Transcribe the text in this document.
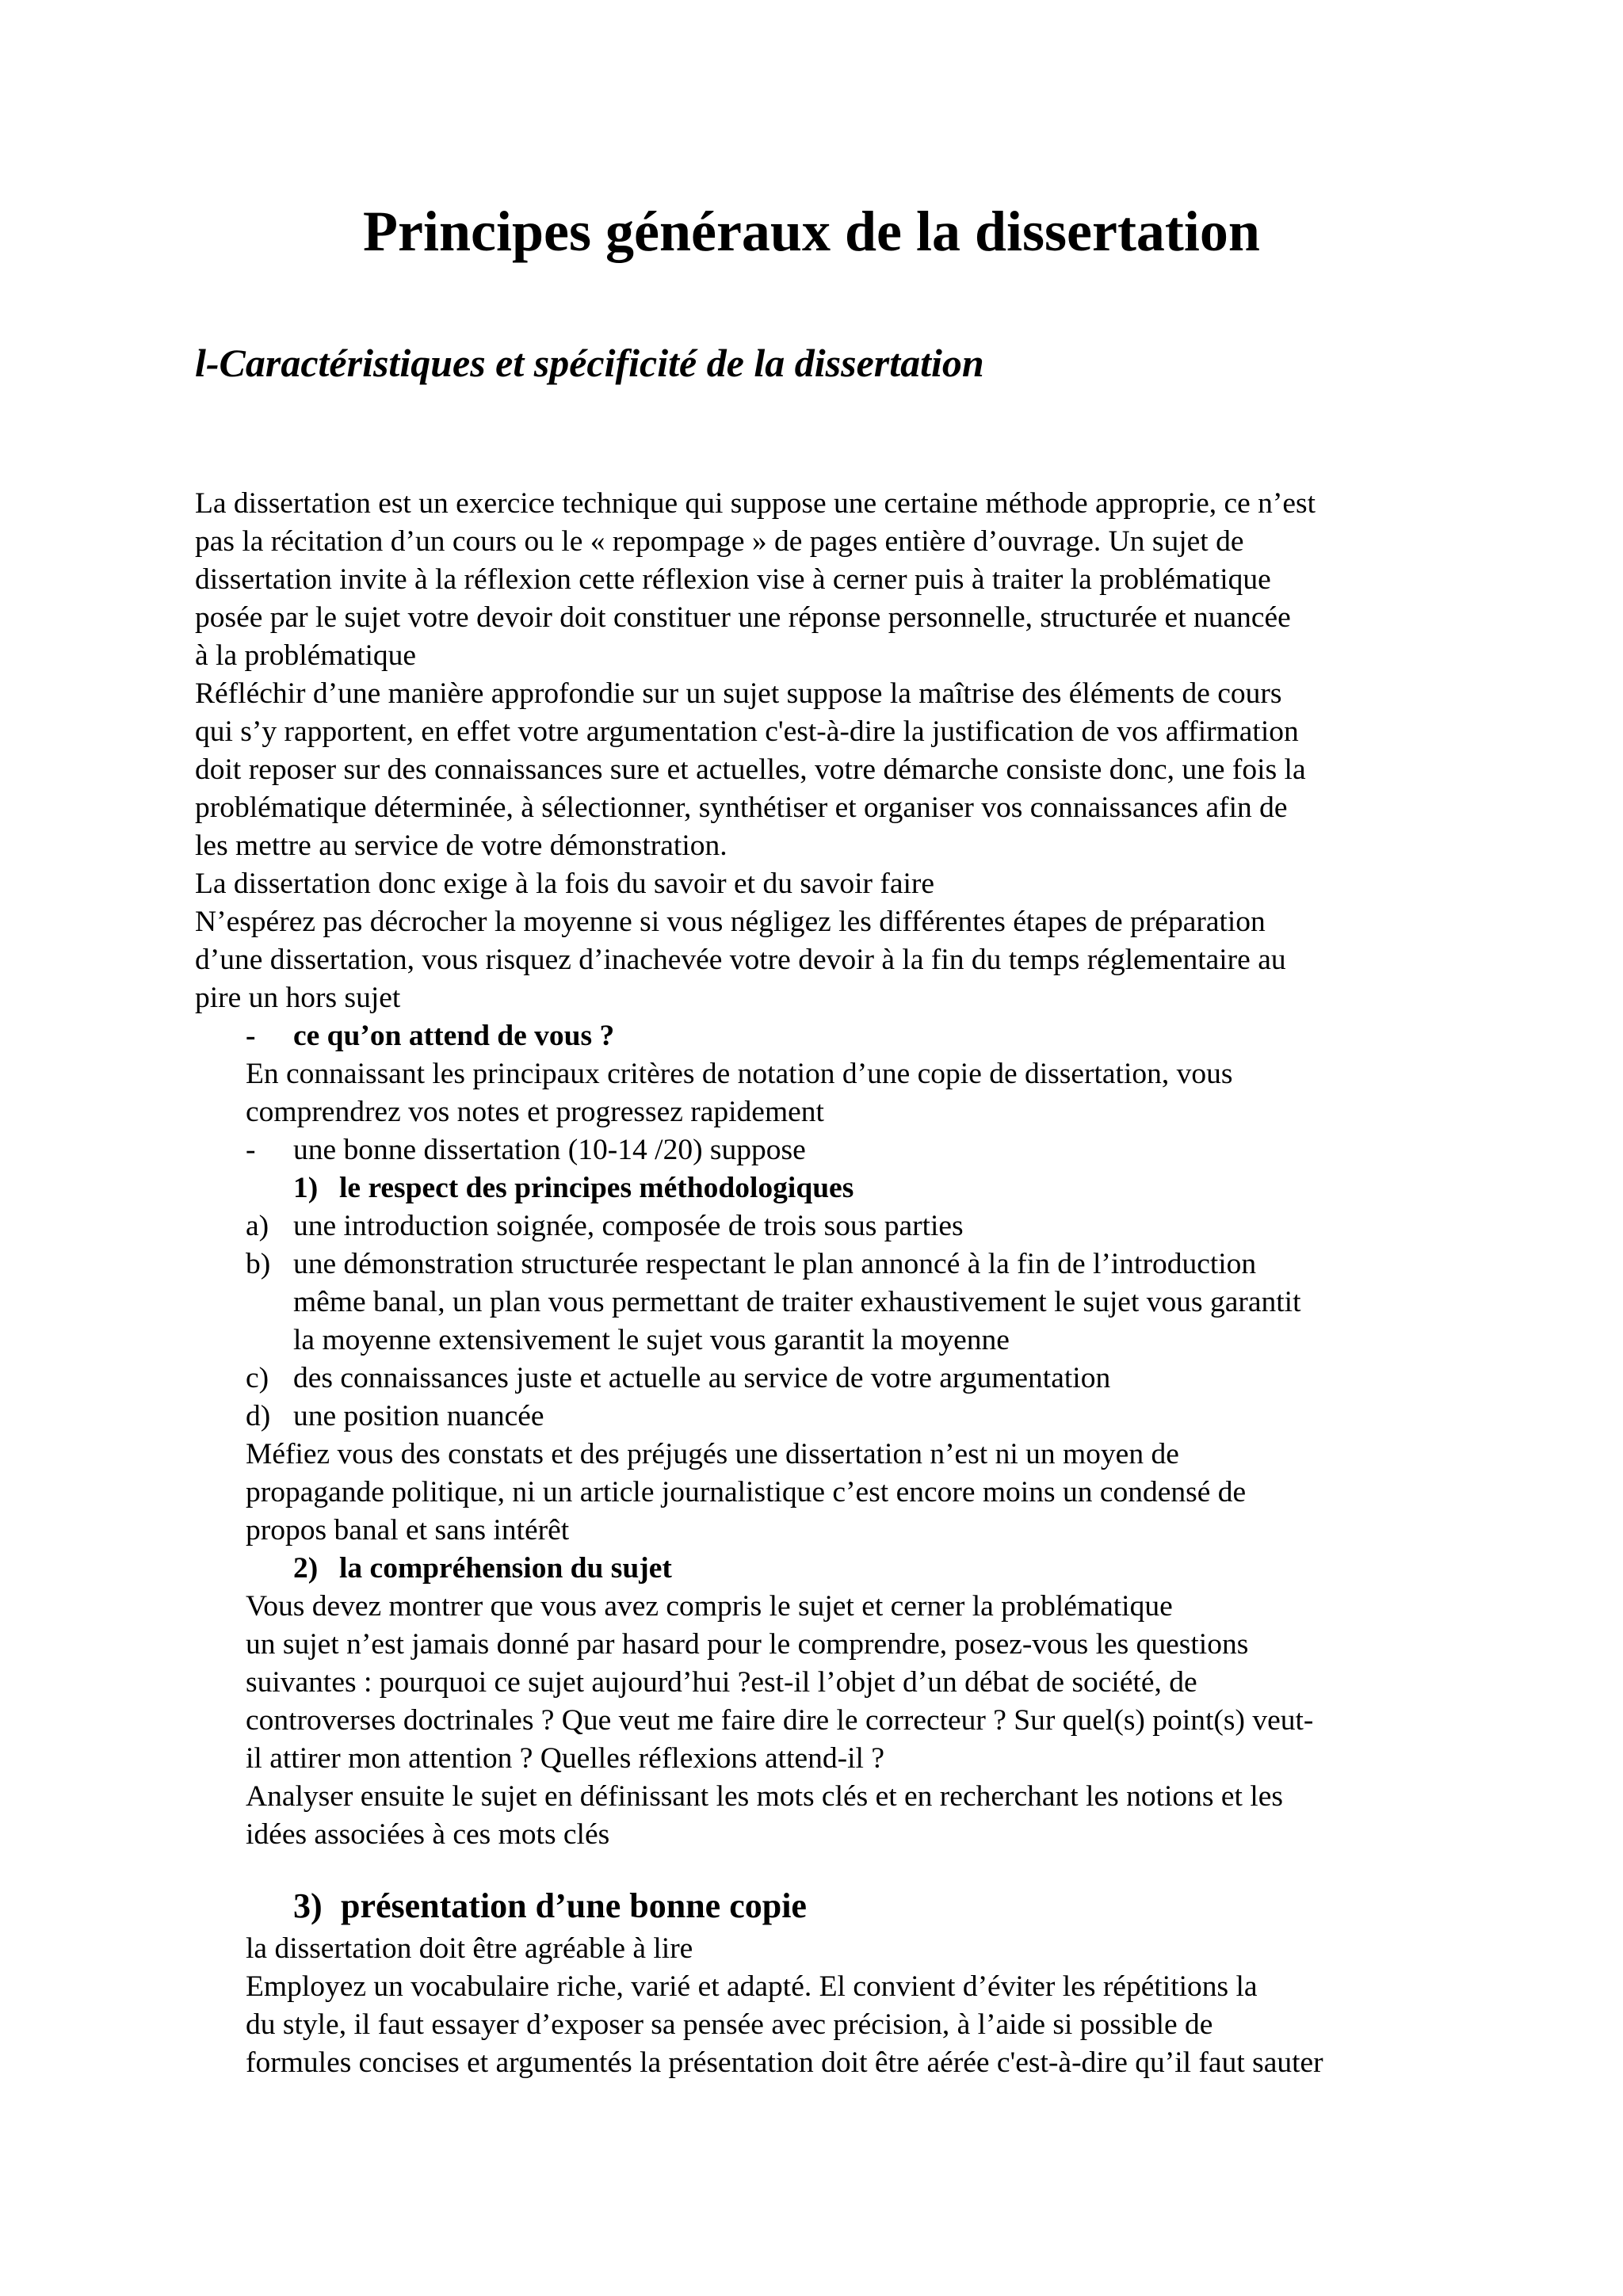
Principes généraux de la dissertation
l-Caractéristiques et spécificité de la dissertation

La dissertation est un exercice technique qui suppose une certaine méthode approprie, ce n’est

pas la récitation d’un cours ou le « repompage » de pages entière d’ouvrage. Un sujet de

dissertation invite à la réflexion cette réflexion vise à cerner puis à traiter la problématique

posée par le sujet votre devoir doit constituer une réponse personnelle, structurée et nuancée

à la problématique

Réfléchir d’une manière approfondie sur un sujet suppose la maîtrise des éléments de cours

qui s’y rapportent, en effet votre argumentation c'est-à-dire la justification de vos affirmation

doit reposer sur des connaissances sure et actuelles, votre démarche consiste donc, une fois la

problématique déterminée, à sélectionner, synthétiser et organiser vos connaissances afin de

les mettre au service de votre démonstration.

La dissertation donc exige à la fois du savoir et du savoir faire

N’espérez pas décrocher la moyenne si vous négligez les différentes étapes de préparation

d’une dissertation, vous risquez d’inachevée votre devoir à la fin du temps réglementaire au

pire un hors sujet

- ce qu’on attend de vous ?

En connaissant les principaux critères de notation d’une copie de dissertation, vous

comprendrez vos notes et progressez rapidement

- une bonne dissertation (10-14 /20) suppose

1) le respect des principes méthodologiques

a) une introduction soignée, composée de trois sous parties

b) une démonstration structurée respectant le plan annoncé à la fin de l’introduction

même banal, un plan vous permettant de traiter exhaustivement le sujet vous garantit

la moyenne extensivement le sujet vous garantit la moyenne

c) des connaissances juste et actuelle au service de votre argumentation

d) une position nuancée

Méfiez vous des constats et des préjugés une dissertation n’est ni un moyen de

propagande politique, ni un article journalistique c’est encore moins un condensé de

propos banal et sans intérêt

2) la compréhension du sujet

Vous devez montrer que vous avez compris le sujet et cerner la problématique

un sujet n’est jamais donné par hasard pour le comprendre, posez-vous les questions

suivantes : pourquoi ce sujet aujourd’hui ?est-il l’objet d’un débat de société, de

controverses doctrinales ? Que veut me faire dire le correcteur ? Sur quel(s) point(s) veut-

il attirer mon attention ? Quelles réflexions attend-il ?

Analyser ensuite le sujet en définissant les mots clés et en recherchant les notions et les

idées associées à ces mots clés

3) présentation d’une bonne copie

la dissertation doit être agréable à lire

Employez un vocabulaire riche, varié et adapté. El convient d’éviter les répétitions la

du style, il faut essayer d’exposer sa pensée avec précision, à l’aide si possible de

formules concises et argumentés la présentation doit être aérée c'est-à-dire qu’il faut sauter
